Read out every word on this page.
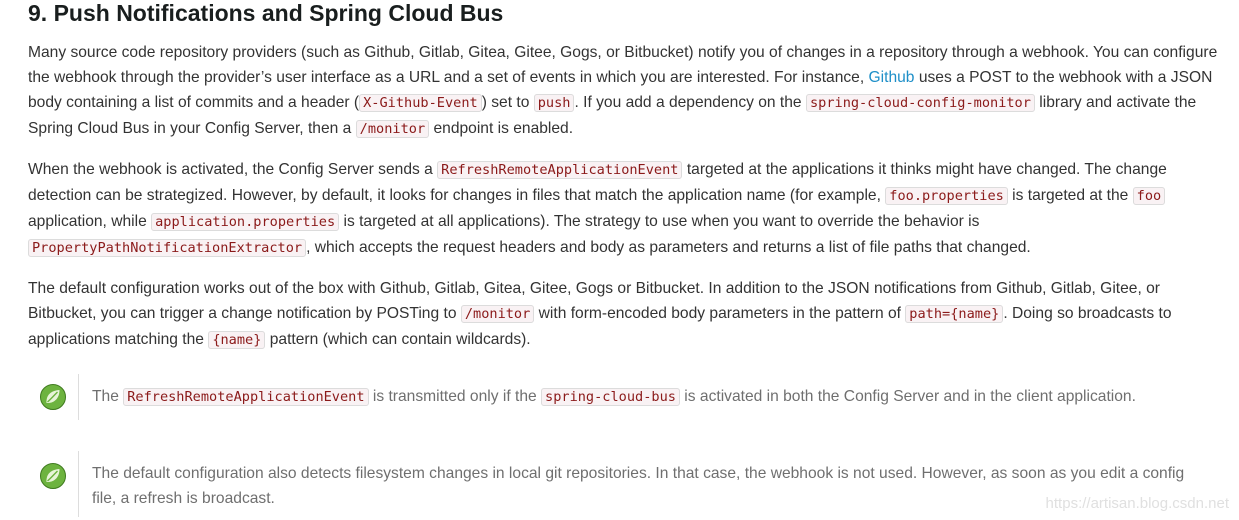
9. Push Notifications and Spring Cloud Bus

Many source code repository providers (such as Github, Gitlab, Gitea, Gitee, Gogs, or Bitbucket) notify you of changes in a repository through a webhook. You can configure the webhook through the provider’s user interface as a URL and a set of events in which you are interested. For instance, Github uses a POST to the webhook with a JSON body containing a list of commits and a header ( X-Github-Event ) set to push . If you add a dependency on the spring-cloud-config-monitor library and activate the Spring Cloud Bus in your Config Server, then a /monitor endpoint is enabled.

When the webhook is activated, the Config Server sends a RefreshRemoteApplicationEvent targeted at the applications it thinks might have changed. The change detection can be strategized. However, by default, it looks for changes in files that match the application name (for example, foo.properties is targeted at the foo application, while application.properties is targeted at all applications). The strategy to use when you want to override the behavior is PropertyPathNotificationExtractor , which accepts the request headers and body as parameters and returns a list of file paths that changed.

The default configuration works out of the box with Github, Gitlab, Gitea, Gitee, Gogs or Bitbucket. In addition to the JSON notifications from Github, Gitlab, Gitee, or Bitbucket, you can trigger a change notification by POSTing to /monitor with form-encoded body parameters in the pattern of path={name} . Doing so broadcasts to applications matching the {name} pattern (which can contain wildcards).

The RefreshRemoteApplicationEvent is transmitted only if the spring-cloud-bus is activated in both the Config Server and in the client application.
The default configuration also detects filesystem changes in local git repositories. In that case, the webhook is not used. However, as soon as you edit a config file, a refresh is broadcast.	https://artisan.blog.csdn.net
